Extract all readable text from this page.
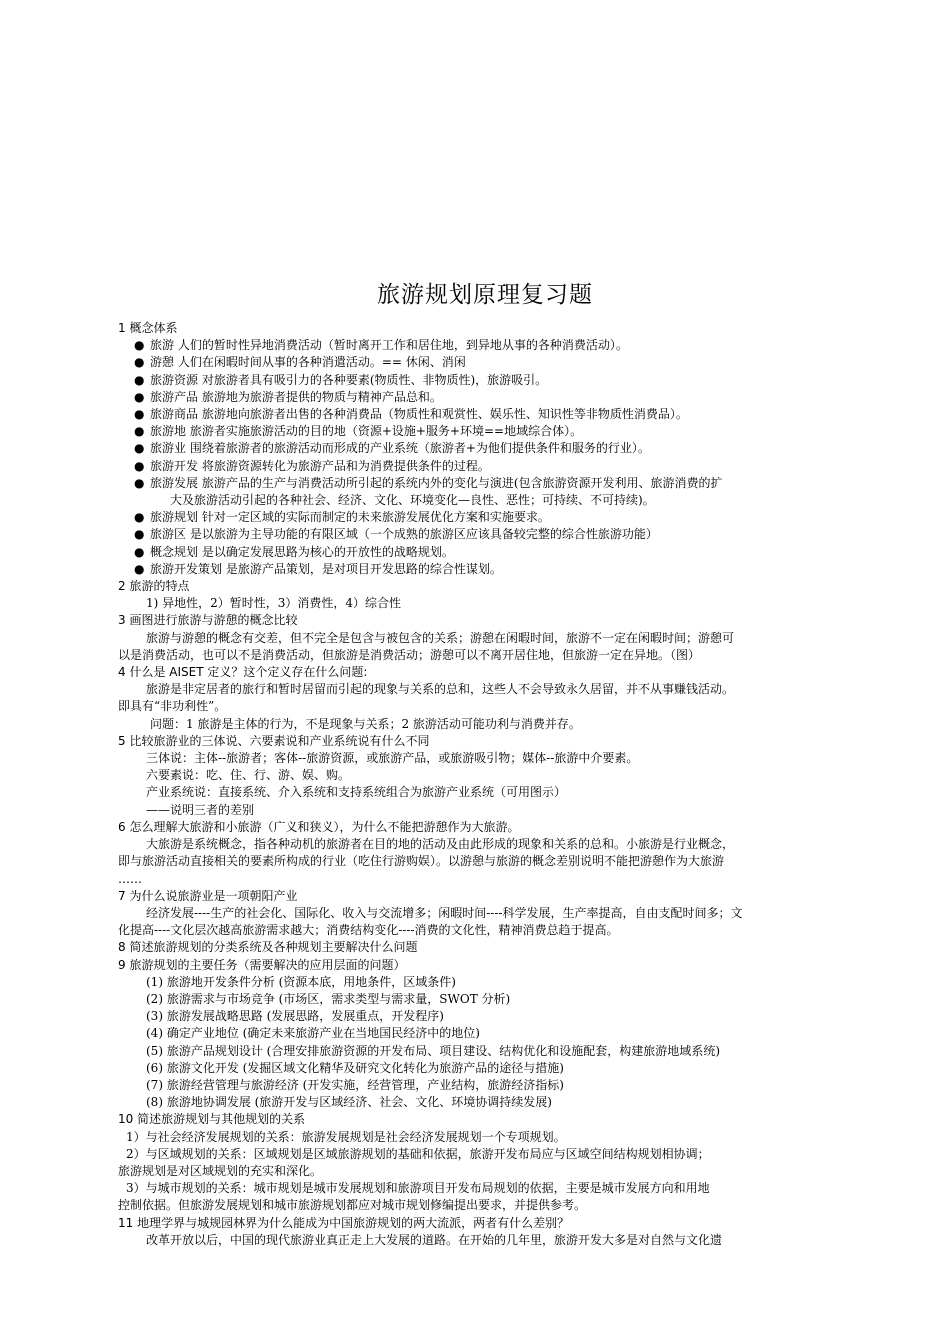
旅游规划原理复习题
1 概念体系
● 旅游 人们的暂时性异地消费活动（暂时离开工作和居住地，到异地从事的各种消费活动）。
● 游憩 人们在闲暇时间从事的各种消遣活动。== 休闲、消闲
● 旅游资源 对旅游者具有吸引力的各种要素(物质性、非物质性)，旅游吸引。
● 旅游产品 旅游地为旅游者提供的物质与精神产品总和。
● 旅游商品 旅游地向旅游者出售的各种消费品（物质性和观赏性、娱乐性、知识性等非物质性消费品）。
● 旅游地 旅游者实施旅游活动的目的地（资源+设施+服务+环境==地域综合体）。
● 旅游业 围绕着旅游者的旅游活动而形成的产业系统（旅游者+为他们提供条件和服务的行业）。
● 旅游开发 将旅游资源转化为旅游产品和为消费提供条件的过程。
● 旅游发展 旅游产品的生产与消费活动所引起的系统内外的变化与演进(包含旅游资源开发利用、旅游消费的扩
大及旅游活动引起的各种社会、经济、文化、环境变化—良性、恶性；可持续、不可持续)。
● 旅游规划 针对一定区域的实际而制定的未来旅游发展优化方案和实施要求。
● 旅游区 是以旅游为主导功能的有限区域（一个成熟的旅游区应该具备较完整的综合性旅游功能）
● 概念规划 是以确定发展思路为核心的开放性的战略规划。
● 旅游开发策划 是旅游产品策划，是对项目开发思路的综合性谋划。
2 旅游的特点
1) 异地性，2）暂时性，3）消费性，4）综合性
3 画图进行旅游与游憩的概念比较
旅游与游憩的概念有交差，但不完全是包含与被包含的关系；游憩在闲暇时间，旅游不一定在闲暇时间；游憩可
以是消费活动，也可以不是消费活动，但旅游是消费活动；游憩可以不离开居住地，但旅游一定在异地。（图）
4 什么是 AISET 定义？这个定义存在什么问题:
旅游是非定居者的旅行和暂时居留而引起的现象与关系的总和，这些人不会导致永久居留，并不从事赚钱活动。
即具有“非功利性”。
问题：1 旅游是主体的行为，不是现象与关系；2 旅游活动可能功利与消费并存。
5 比较旅游业的三体说、六要素说和产业系统说有什么不同
三体说：主体--旅游者；客体--旅游资源，或旅游产品，或旅游吸引物；媒体--旅游中介要素。
六要素说：吃、住、行、游、娱、购。
产业系统说：直接系统、介入系统和支持系统组合为旅游产业系统（可用图示）
——说明三者的差别
6 怎么理解大旅游和小旅游（广义和狭义），为什么不能把游憩作为大旅游。
大旅游是系统概念，指各种动机的旅游者在目的地的活动及由此形成的现象和关系的总和。小旅游是行业概念，
即与旅游活动直接相关的要素所构成的行业（吃住行游购娱）。以游憩与旅游的概念差别说明不能把游憩作为大旅游
……
7 为什么说旅游业是一项朝阳产业
经济发展----生产的社会化、国际化、收入与交流增多；闲暇时间----科学发展，生产率提高，自由支配时间多；文
化提高----文化层次越高旅游需求越大；消费结构变化----消费的文化性，精神消费总趋于提高。
8 简述旅游规划的分类系统及各种规划主要解决什么问题
9 旅游规划的主要任务（需要解决的应用层面的问题）
(1) 旅游地开发条件分析 (资源本底，用地条件，区域条件)
(2) 旅游需求与市场竞争 (市场区，需求类型与需求量，SWOT 分析)
(3) 旅游发展战略思路 (发展思路，发展重点，开发程序)
(4) 确定产业地位 (确定未来旅游产业在当地国民经济中的地位)
(5) 旅游产品规划设计 (合理安排旅游资源的开发布局、项目建设、结构优化和设施配套，构建旅游地域系统)
(6) 旅游文化开发 (发掘区域文化精华及研究文化转化为旅游产品的途径与措施)
(7) 旅游经营管理与旅游经济 (开发实施，经营管理，产业结构，旅游经济指标)
(8) 旅游地协调发展 (旅游开发与区域经济、社会、文化、环境协调持续发展)
10 简述旅游规划与其他规划的关系
1）与社会经济发展规划的关系：旅游发展规划是社会经济发展规划一个专项规划。
2）与区域规划的关系：区域规划是区域旅游规划的基础和依据，旅游开发布局应与区域空间结构规划相协调；
旅游规划是对区域规划的充实和深化。
3）与城市规划的关系：城市规划是城市发展规划和旅游项目开发布局规划的依据，主要是城市发展方向和用地
控制依据。但旅游发展规划和城市旅游规划都应对城市规划修编提出要求，并提供参考。
11 地理学界与城规园林界为什么能成为中国旅游规划的两大流派，两者有什么差别？
改革开放以后，中国的现代旅游业真正走上大发展的道路。在开始的几年里，旅游开发大多是对自然与文化遗
